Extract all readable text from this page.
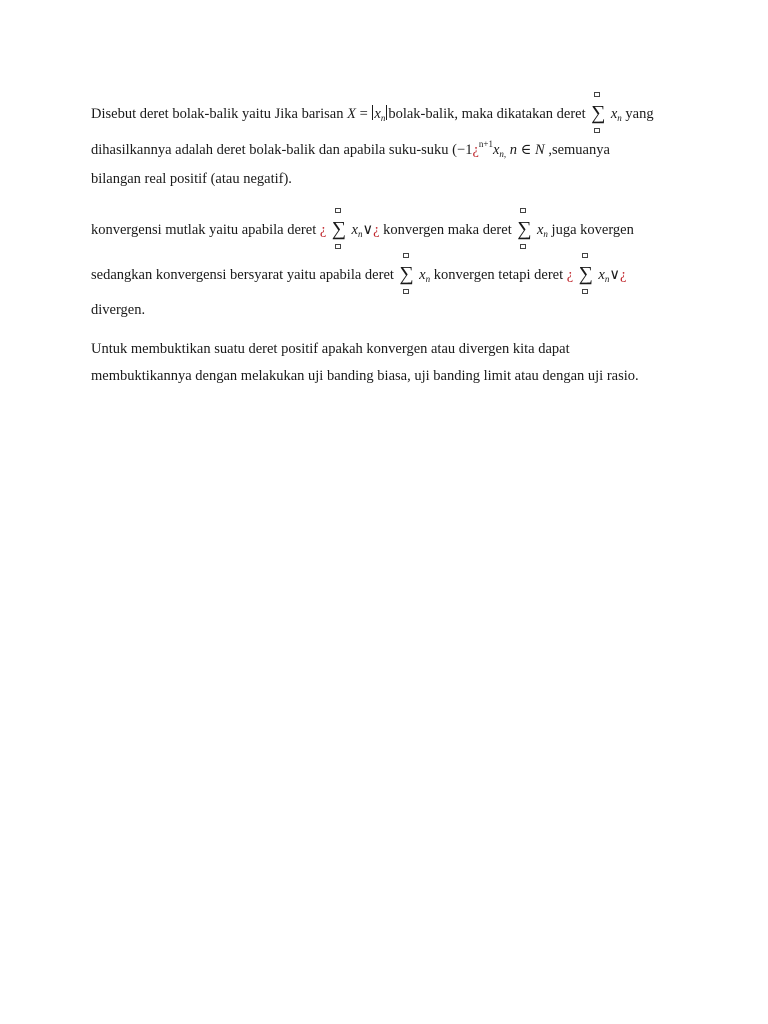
Disebut deret bolak-balik yaitu Jika barisan $X = x_n$ bolak-balik, maka dikatakan deret
∑ $x_n$ yang
dihasilkannya adalah deret bolak-balik dan apabila suku-suku ($-1¿^{n+1}x_{n,}$ n ∈ N ,semuanya
bilangan real positif (atau negatif).
konvergensi mutlak yaitu apabila deret ¿ ∑ $x_n\vee¿$ konvergen maka deret
∑ $x_n$ juga kovergen
sedangkan konvergensi bersyarat yaitu apabila deret
∑ $x_n$ konvergen tetapi deret ¿ ∑ $x_n\vee¿$
divergen.
Untuk membuktikan suatu deret positif apakah konvergen atau divergen kita dapat
membuktikannya dengan melakukan uji banding biasa, uji banding limit atau dengan uji rasio.
